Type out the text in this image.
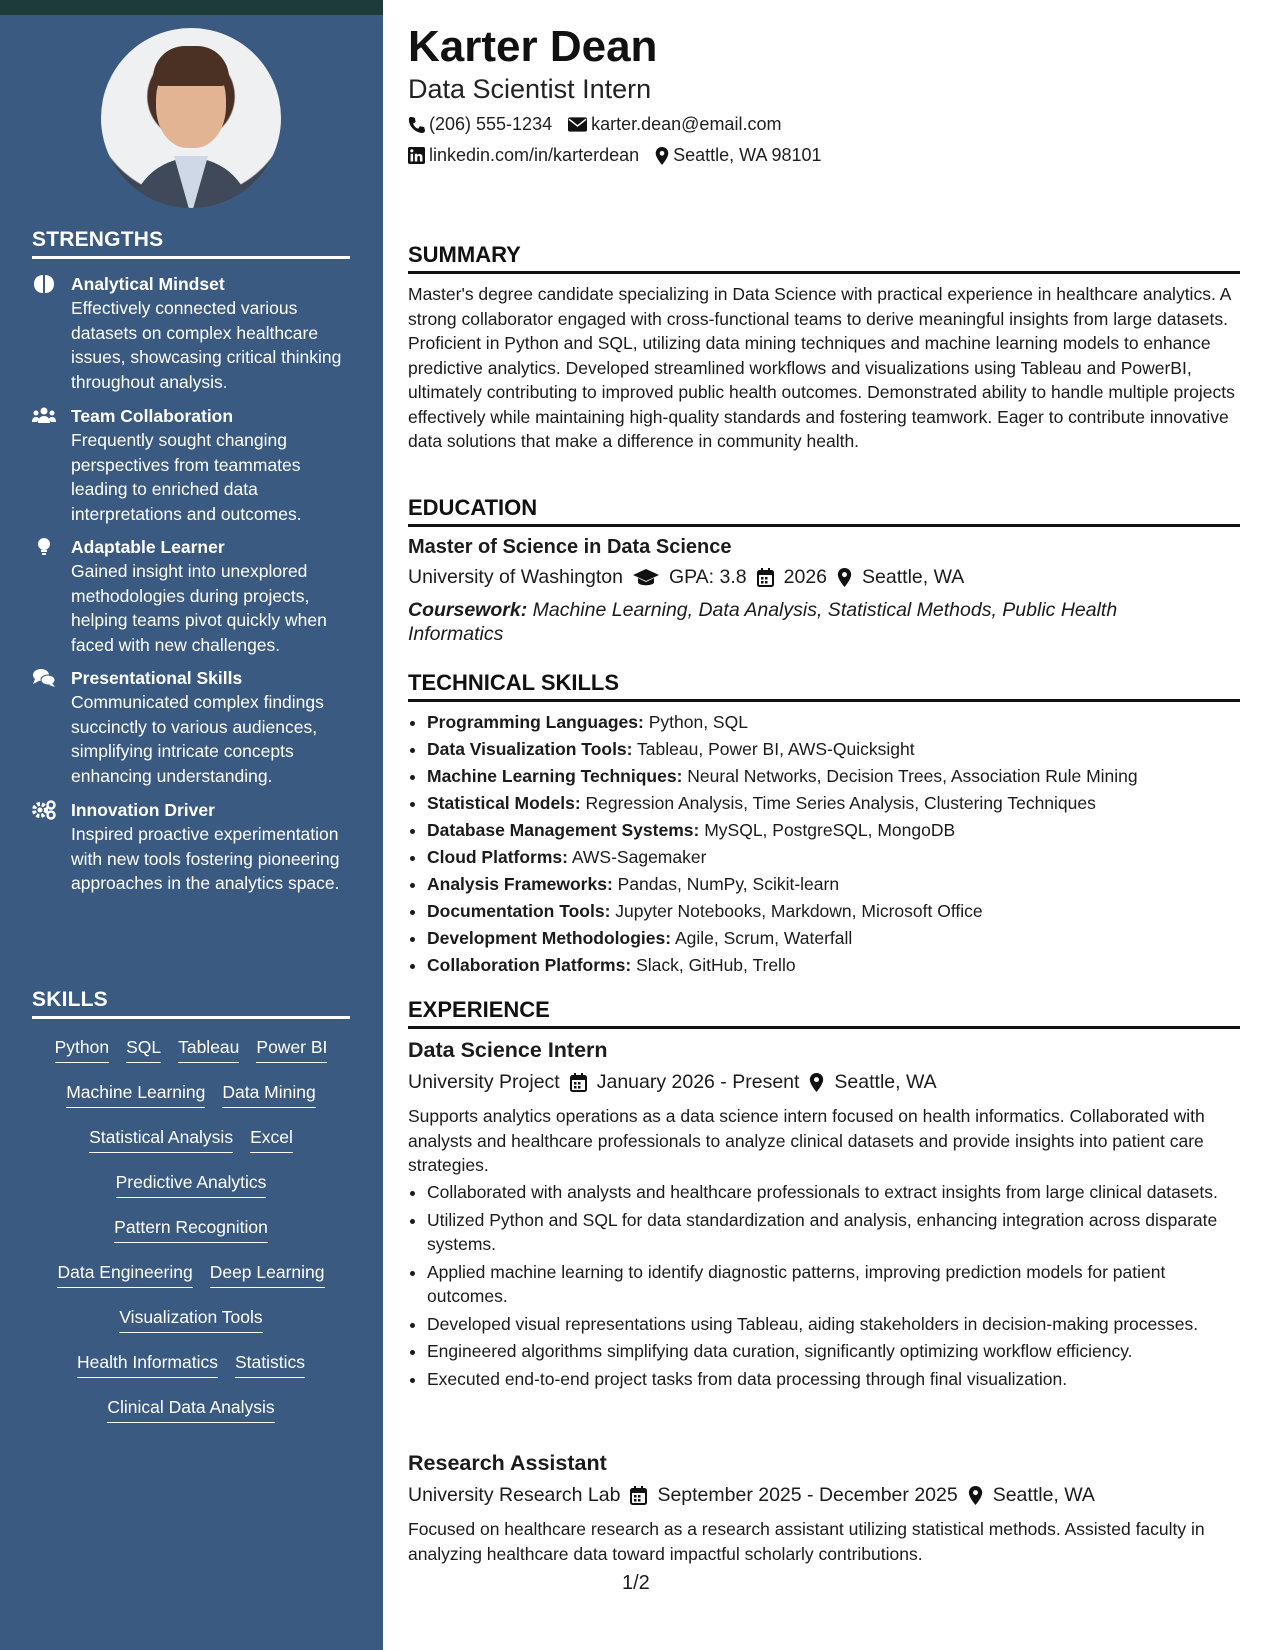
STRENGTHS
Analytical Mindset
Effectively connected various datasets on complex healthcare issues, showcasing critical thinking throughout analysis.
Team Collaboration
Frequently sought changing perspectives from teammates leading to enriched data interpretations and outcomes.
Adaptable Learner
Gained insight into unexplored methodologies during projects, helping teams pivot quickly when faced with new challenges.
Presentational Skills
Communicated complex findings succinctly to various audiences, simplifying intricate concepts enhancing understanding.
Innovation Driver
Inspired proactive experimentation with new tools fostering pioneering approaches in the analytics space.
SKILLS
Python SQL Tableau Power BI
Machine Learning Data Mining
Statistical Analysis Excel
Predictive Analytics
Pattern Recognition
Data Engineering Deep Learning
Visualization Tools
Health Informatics Statistics
Clinical Data Analysis
Karter Dean
Data Scientist Intern
(206) 555-1234 karter.dean@email.com
linkedin.com/in/karterdean Seattle, WA 98101
SUMMARY
Master's degree candidate specializing in Data Science with practical experience in healthcare analytics. A strong collaborator engaged with cross-functional teams to derive meaningful insights from large datasets. Proficient in Python and SQL, utilizing data mining techniques and machine learning models to enhance predictive analytics. Developed streamlined workflows and visualizations using Tableau and PowerBI, ultimately contributing to improved public health outcomes. Demonstrated ability to handle multiple projects effectively while maintaining high-quality standards and fostering teamwork. Eager to contribute innovative data solutions that make a difference in community health.
EDUCATION
Master of Science in Data Science
University of Washington GPA: 3.8 2026 Seattle, WA
Coursework: Machine Learning, Data Analysis, Statistical Methods, Public Health Informatics
TECHNICAL SKILLS
• Programming Languages: Python, SQL
• Data Visualization Tools: Tableau, Power BI, AWS-Quicksight
• Machine Learning Techniques: Neural Networks, Decision Trees, Association Rule Mining
• Statistical Models: Regression Analysis, Time Series Analysis, Clustering Techniques
• Database Management Systems: MySQL, PostgreSQL, MongoDB
• Cloud Platforms: AWS-Sagemaker
• Analysis Frameworks: Pandas, NumPy, Scikit-learn
• Documentation Tools: Jupyter Notebooks, Markdown, Microsoft Office
• Development Methodologies: Agile, Scrum, Waterfall
• Collaboration Platforms: Slack, GitHub, Trello
EXPERIENCE
Data Science Intern
University Project January 2026 - Present Seattle, WA
Supports analytics operations as a data science intern focused on health informatics. Collaborated with analysts and healthcare professionals to analyze clinical datasets and provide insights into patient care strategies.
• Collaborated with analysts and healthcare professionals to extract insights from large clinical datasets.
• Utilized Python and SQL for data standardization and analysis, enhancing integration across disparate systems.
• Applied machine learning to identify diagnostic patterns, improving prediction models for patient outcomes.
• Developed visual representations using Tableau, aiding stakeholders in decision-making processes.
• Engineered algorithms simplifying data curation, significantly optimizing workflow efficiency.
• Executed end-to-end project tasks from data processing through final visualization.
Research Assistant
University Research Lab September 2025 - December 2025 Seattle, WA
Focused on healthcare research as a research assistant utilizing statistical methods. Assisted faculty in analyzing healthcare data toward impactful scholarly contributions.
1/2
